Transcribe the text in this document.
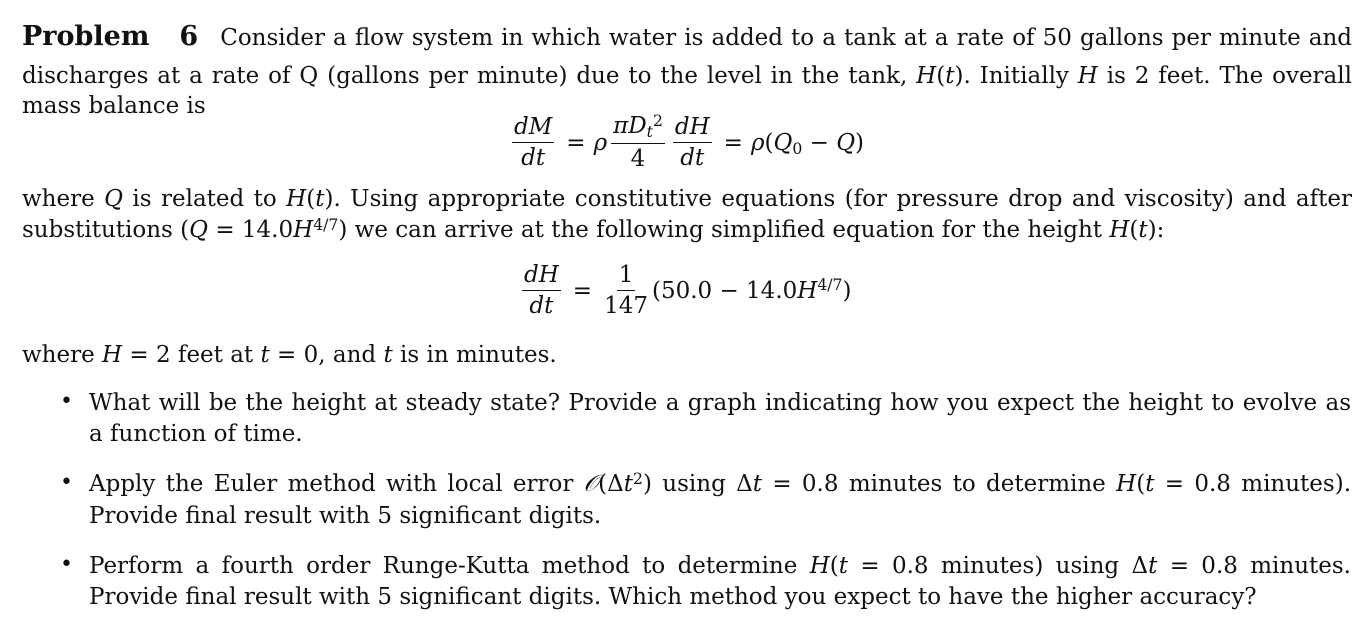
Problem 6 Consider a flow system in which water is added to a tank at a rate of 50 gallons per minute and
discharges at a rate of Q (gallons per minute) due to the level in the tank, H(t). Initially H is 2 feet. The overall
mass balance is
$\frac{dM}{dt} = \rho \frac{\pi D_t^2}{4} \frac{dH}{dt} = \rho(Q_0 - Q)$
where Q is related to H(t). Using appropriate constitutive equations (for pressure drop and viscosity) and after
substitutions $(Q = 14.0H^{4/7})$ we can arrive at the following simplified equation for the height H(t):
$\frac{dH}{dt} = \frac{1}{147} (50.0 - 14.0H^{4/7})$
where H = 2 feet at t = 0, and t is in minutes.
• What will be the height at steady state? Provide a graph indicating how you expect the height to evolve as
a function of time.
• Apply the Euler method with local error $𝒪(\Delta t^2)$ using Δt = 0.8 minutes to determine H(t = 0.8 minutes).
Provide final result with 5 significant digits.
• Perform a fourth order Runge-Kutta method to determine H(t = 0.8 minutes) using Δt = 0.8 minutes.
Provide final result with 5 significant digits. Which method you expect to have the higher accuracy?
